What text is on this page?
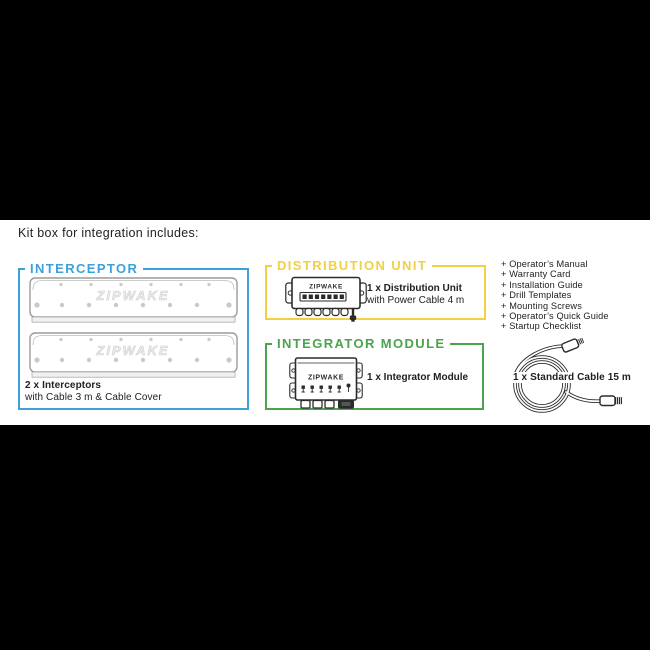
Kit box for integration includes:
INTERCEPTOR
ZIPWAKE
ZIPWAKE
2 x Interceptors
with Cable 3 m & Cable Cover
DISTRIBUTION UNIT
ZIPWAKE 1 x Distribution Unit
with Power Cable 4 m
INTEGRATOR MODULE
ZIPWAKE 1 x Integrator Module
+ Operator’s Manual
+ Warranty Card
+ Installation Guide
+ Drill Templates
+ Mounting Screws
+ Operator’s Quick Guide
+ Startup Checklist
1 x Standard Cable 15 m
